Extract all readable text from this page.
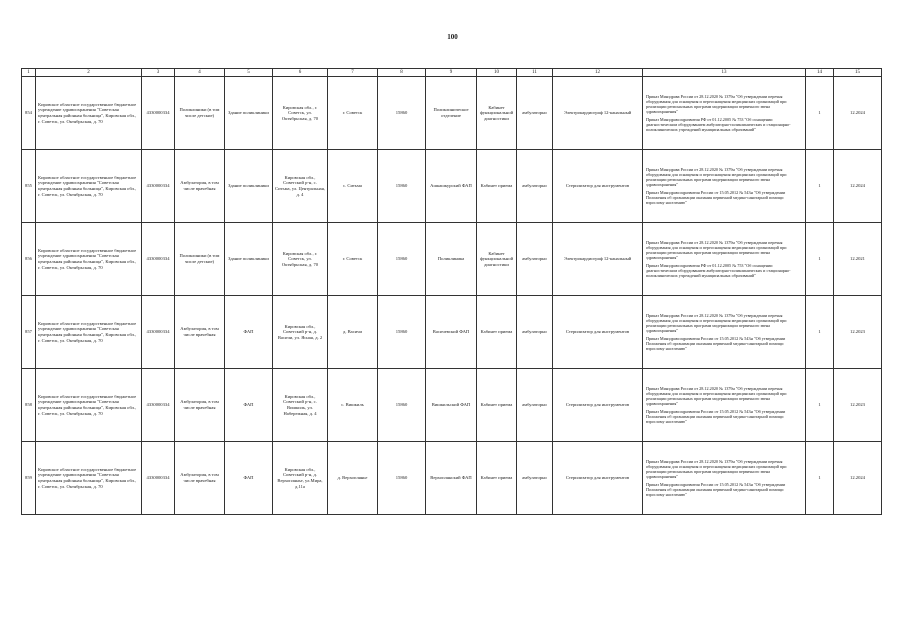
100
1	2	3	4	5	6	7	8	9	10	11	12	13	14	15
854	Кировское областное государственное бюджетное учреждение здравоохранения "Советская центральная районная больница", Кировская обл., г. Советск, ул. Октябрьская, д. 70	4330000334	Поликлиники (в том числе детские)	Здание поликлиники	Кировская обл., г. Советск, ул. Октябрьская, д. 70	г. Советск	15860	Поликлиническое отделение	Кабинет функциональной диагностики	амбулаторно	Электрокардиограф 12-канальный	Приказ Минздрава России от 28.12.2020 № 1379н "Об утверждении перечня оборудования для оснащения и переоснащения медицинских организаций при реализации региональных программ модернизации первичного звена здравоохранения"
Приказ Минздравсоцразвития РФ от 01.12.2005 № 753 "Об оснащении диагностическим оборудованием амбулаторно-поликлинических и стационарно-поликлинических учреждений муниципальных образований"	1	12.2024
855	Кировское областное государственное бюджетное учреждение здравоохранения "Советская центральная районная больница", Кировская обл., г. Советск, ул. Октябрьская, д. 70	4330000334	Амбулатория, в том числе врачебная	Здание поликлиники	Кировская обл., Советский р-н, с. Ситьма, ул. Центральная, д. 4	с. Ситьма	15860	Ашкашкурский ФАП	Кабинет приема	амбулаторно	Стерилизатор для инструментов	Приказ Минздрава России от 28.12.2020 № 1379н "Об утверждении перечня оборудования для оснащения и переоснащения медицинских организаций при реализации региональных программ модернизации первичного звена здравоохранения"
Приказ Минздравсоцразвития России от 15.05.2012 № 543н "Об утверждении Положения об организации оказания первичной медико-санитарной помощи взрослому населению"	1	12.2024
856	Кировское областное государственное бюджетное учреждение здравоохранения "Советская центральная районная больница", Кировская обл., г. Советск, ул. Октябрьская, д. 70	4330000334	Поликлиники (в том числе детские)	Здание поликлиники	Кировская обл., г. Советск, ул. Октябрьская, д. 70	г. Советск	15860	Поликлиника	Кабинет функциональной диагностики	амбулаторно	Электрокардиограф 12-канальный	Приказ Минздрава России от 28.12.2020 № 1379н "Об утверждении перечня оборудования для оснащения и переоснащения медицинских организаций при реализации региональных программ модернизации первичного звена здравоохранения"
Приказ Минздравсоцразвития РФ от 01.12.2005 № 753 "Об оснащении диагностическим оборудованием амбулаторно-поликлинических и стационарно-поликлинических учреждений муниципальных образований"	1	12.2021
857	Кировское областное государственное бюджетное учреждение здравоохранения "Советская центральная районная больница", Кировская обл., г. Советск, ул. Октябрьская, д. 70	4330000334	Амбулатория, в том числе врачебная	ФАП	Кировская обл., Советский р-н, д. Васичи, ул. Ясная, д. 2	д. Васичи	15860	Васичевский ФАП	Кабинет приема	амбулаторно	Стерилизатор для инструментов	Приказ Минздрава России от 28.12.2020 № 1379н "Об утверждении перечня оборудования для оснащения и переоснащения медицинских организаций при реализации региональных программ модернизации первичного звена здравоохранения"
Приказ Минздравсоцразвития России от 15.05.2012 № 543н "Об утверждении Положения об организации оказания первичной медико-санитарной помощи взрослому населению"	1	12.2023
858	Кировское областное государственное бюджетное учреждение здравоохранения "Советская центральная районная больница", Кировская обл., г. Советск, ул. Октябрьская, д. 70	4330000334	Амбулатория, в том числе врачебная	ФАП	Кировская обл., Советский р-н, с. Вишкиль, ул. Набережная, д. 4	с. Вишкиль	15860	Вишкильский ФАП	Кабинет приема	амбулаторно	Стерилизатор для инструментов	Приказ Минздрава России от 28.12.2020 № 1379н "Об утверждении перечня оборудования для оснащения и переоснащения медицинских организаций при реализации региональных программ модернизации первичного звена здравоохранения"
Приказ Минздравсоцразвития России от 15.05.2012 № 543н "Об утверждении Положения об организации оказания первичной медико-санитарной помощи взрослому населению"	1	12.2023
859	Кировское областное государственное бюджетное учреждение здравоохранения "Советская центральная районная больница", Кировская обл., г. Советск, ул. Октябрьская, д. 70	4330000334	Амбулатория, в том числе врачебная	ФАП	Кировская обл., Советский р-н, д. Верхоплянье, ул.Мира, д.11а	д. Верхоплянье	15860	Верхоплянский ФАП	Кабинет приема	амбулаторно	Стерилизатор для инструментов	Приказ Минздрава России от 28.12.2020 № 1379н "Об утверждении перечня оборудования для оснащения и переоснащения медицинских организаций при реализации региональных программ модернизации первичного звена здравоохранения"
Приказ Минздравсоцразвития России от 15.05.2012 № 543н "Об утверждении Положения об организации оказания первичной медико-санитарной помощи взрослому населению"	1	12.2024
